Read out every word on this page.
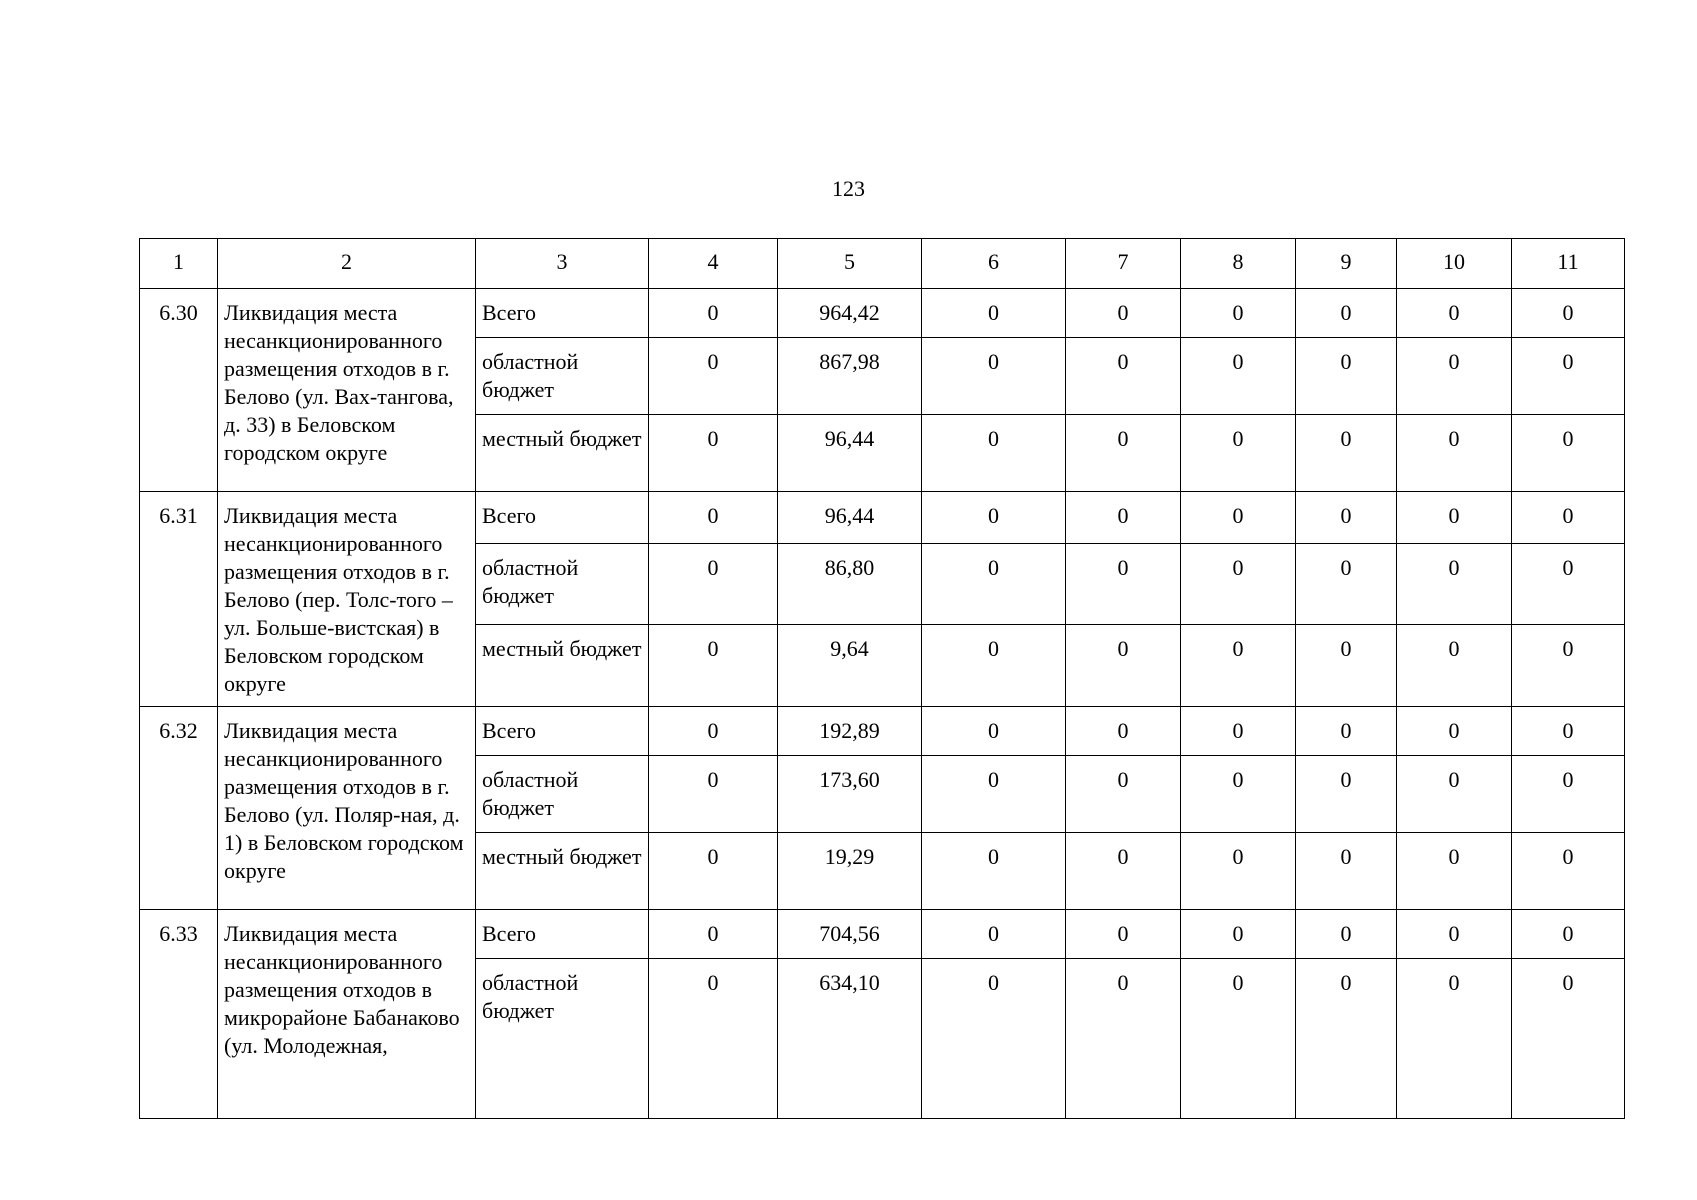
123
1	2	3	4	5	6	7	8	9	10	11
6.30	Ликвидация места несанкционированного размещения отходов в г. Белово (ул. Вах-тангова, д. 33) в Беловском городском округе	Всего	0	964,42	0	0	0	0	0	0
		областной бюджет	0	867,98	0	0	0	0	0	0
		местный бюджет	0	96,44	0	0	0	0	0	0
6.31	Ликвидация места несанкционированного размещения отходов в г. Белово (пер. Толс-того – ул. Больше-вистская) в Беловском городском округе	Всего	0	96,44	0	0	0	0	0	0
		областной бюджет	0	86,80	0	0	0	0	0	0
		местный бюджет	0	9,64	0	0	0	0	0	0
6.32	Ликвидация места несанкционированного размещения отходов в г. Белово (ул. Поляр-ная, д. 1) в Беловском городском округе	Всего	0	192,89	0	0	0	0	0	0
		областной бюджет	0	173,60	0	0	0	0	0	0
		местный бюджет	0	19,29	0	0	0	0	0	0
6.33	Ликвидация места несанкционированного размещения отходов в микрорайоне Бабанаково (ул. Молодежная,	Всего	0	704,56	0	0	0	0	0	0
		областной бюджет	0	634,10	0	0	0	0	0	0
